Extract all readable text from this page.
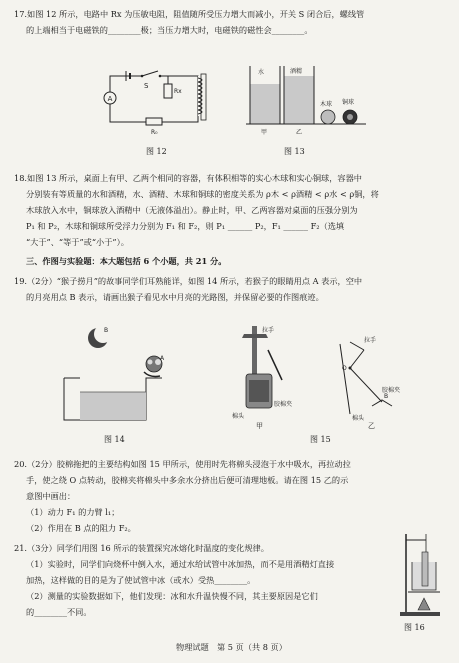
17.如图 12 所示，电路中 Rx 为压敏电阻，阻值随所受压力增大而减小，开关 S 闭合后，螺线管
的上端相当于电磁铁的________极；当压力增大时，电磁铁的磁性会________。
A
S
Rx
R₀
图 12
水	酒精
木球 铜球
甲	乙
图 13
18.如图 13 所示，桌面上有甲、乙两个相同的容器，有体积相等的实心木球和实心铜球，容器中
分别装有等质量的水和酒精，水、酒精、木球和铜球的密度关系为 ρ木 < ρ酒精 < ρ水 < ρ铜，将
木球放入水中，铜球放入酒精中（无液体溢出）。静止时，甲、乙两容器对桌面的压强分别为
P₁ 和 P₂，木球和铜球所受浮力分别为 F₁ 和 F₂，则 P₁ ______ P₂，F₁ ______ F₂（选填
“大于”、“等于”或“小于”）。
三、作图与实验题：本大题包括 6 个小题，共 21 分。
19.（2分）“猴子捞月”的故事同学们耳熟能详，如图 14 所示，若猴子的眼睛用点 A 表示，空中
的月亮用点 B 表示，请画出猴子看见水中月亮的光路图，并保留必要的作图痕迹。
B
A
图 14
拉手
棉头
胶棉夹
甲
拉手
O
B
胶棉夹
棉头
乙
图 15
20.（2分）胶棉拖把的主要结构如图 15 甲所示，使用时先将棉头浸泡于水中吸水，再拉动拉
手，使之绕 O 点转动，胶棉夹将棉头中多余水分挤出后便可清理地板。请在图 15 乙的示
意图中画出：
（1）动力 F₁ 的力臂 l₁；
（2）作用在 B 点的阻力 F₂。
21.（3分）同学们用图 16 所示的装置探究冰熔化时温度的变化规律。
（1）实验时，同学们向烧杯中倒入水，通过水给试管中冰加热，而不是用酒精灯直接
加热，这样做的目的是为了使试管中冰（或水）受热________。
（2）测量的实验数据如下，他们发现：冰和水升温快慢不同，其主要原因是它们
的________不同。
图 16
物理试题　第 5 页（共 8 页）
